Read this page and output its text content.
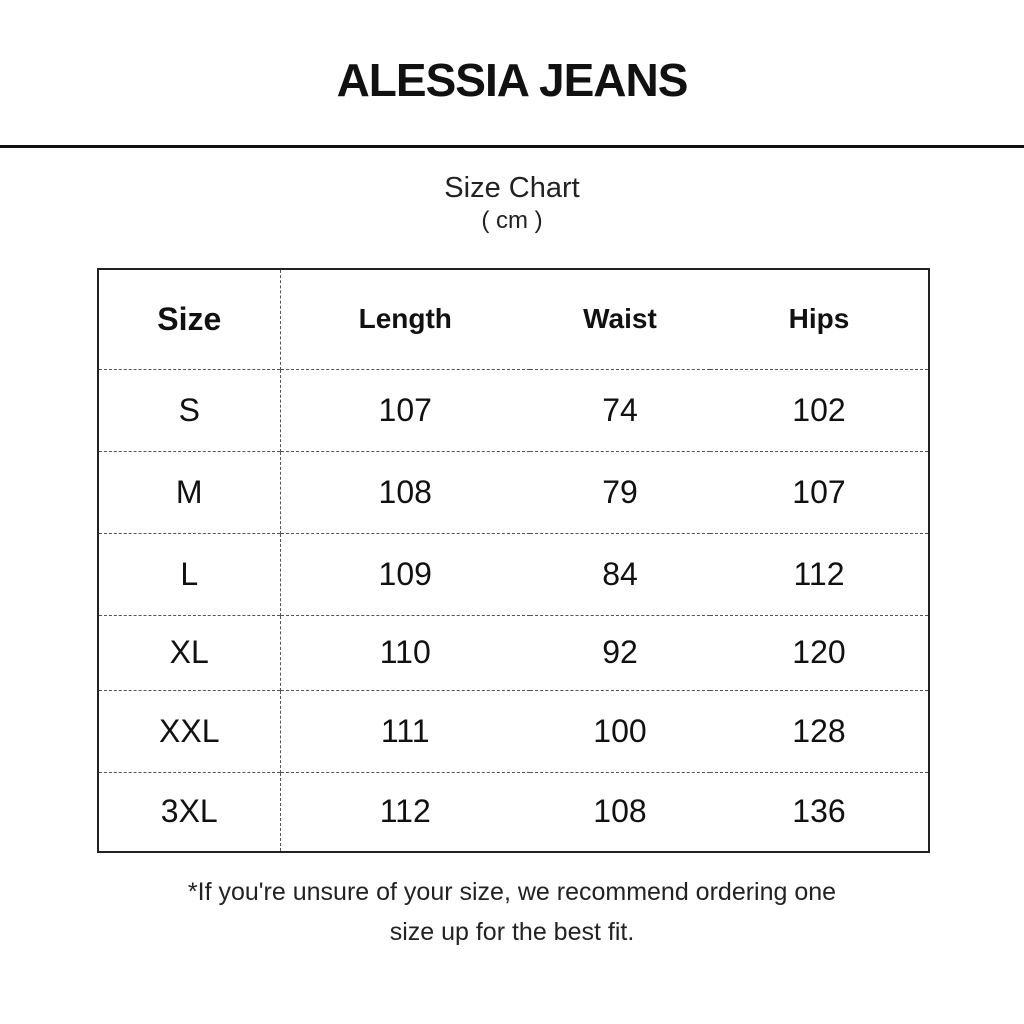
ALESSIA JEANS
Size Chart
( cm )
Size	Length	Waist	Hips
S	107	74	102
M	108	79	107
L	109	84	112
XL	110	92	120
XXL	111	100	128
3XL	112	108	136
*If you're unsure of your size, we recommend ordering one
size up for the best fit.
